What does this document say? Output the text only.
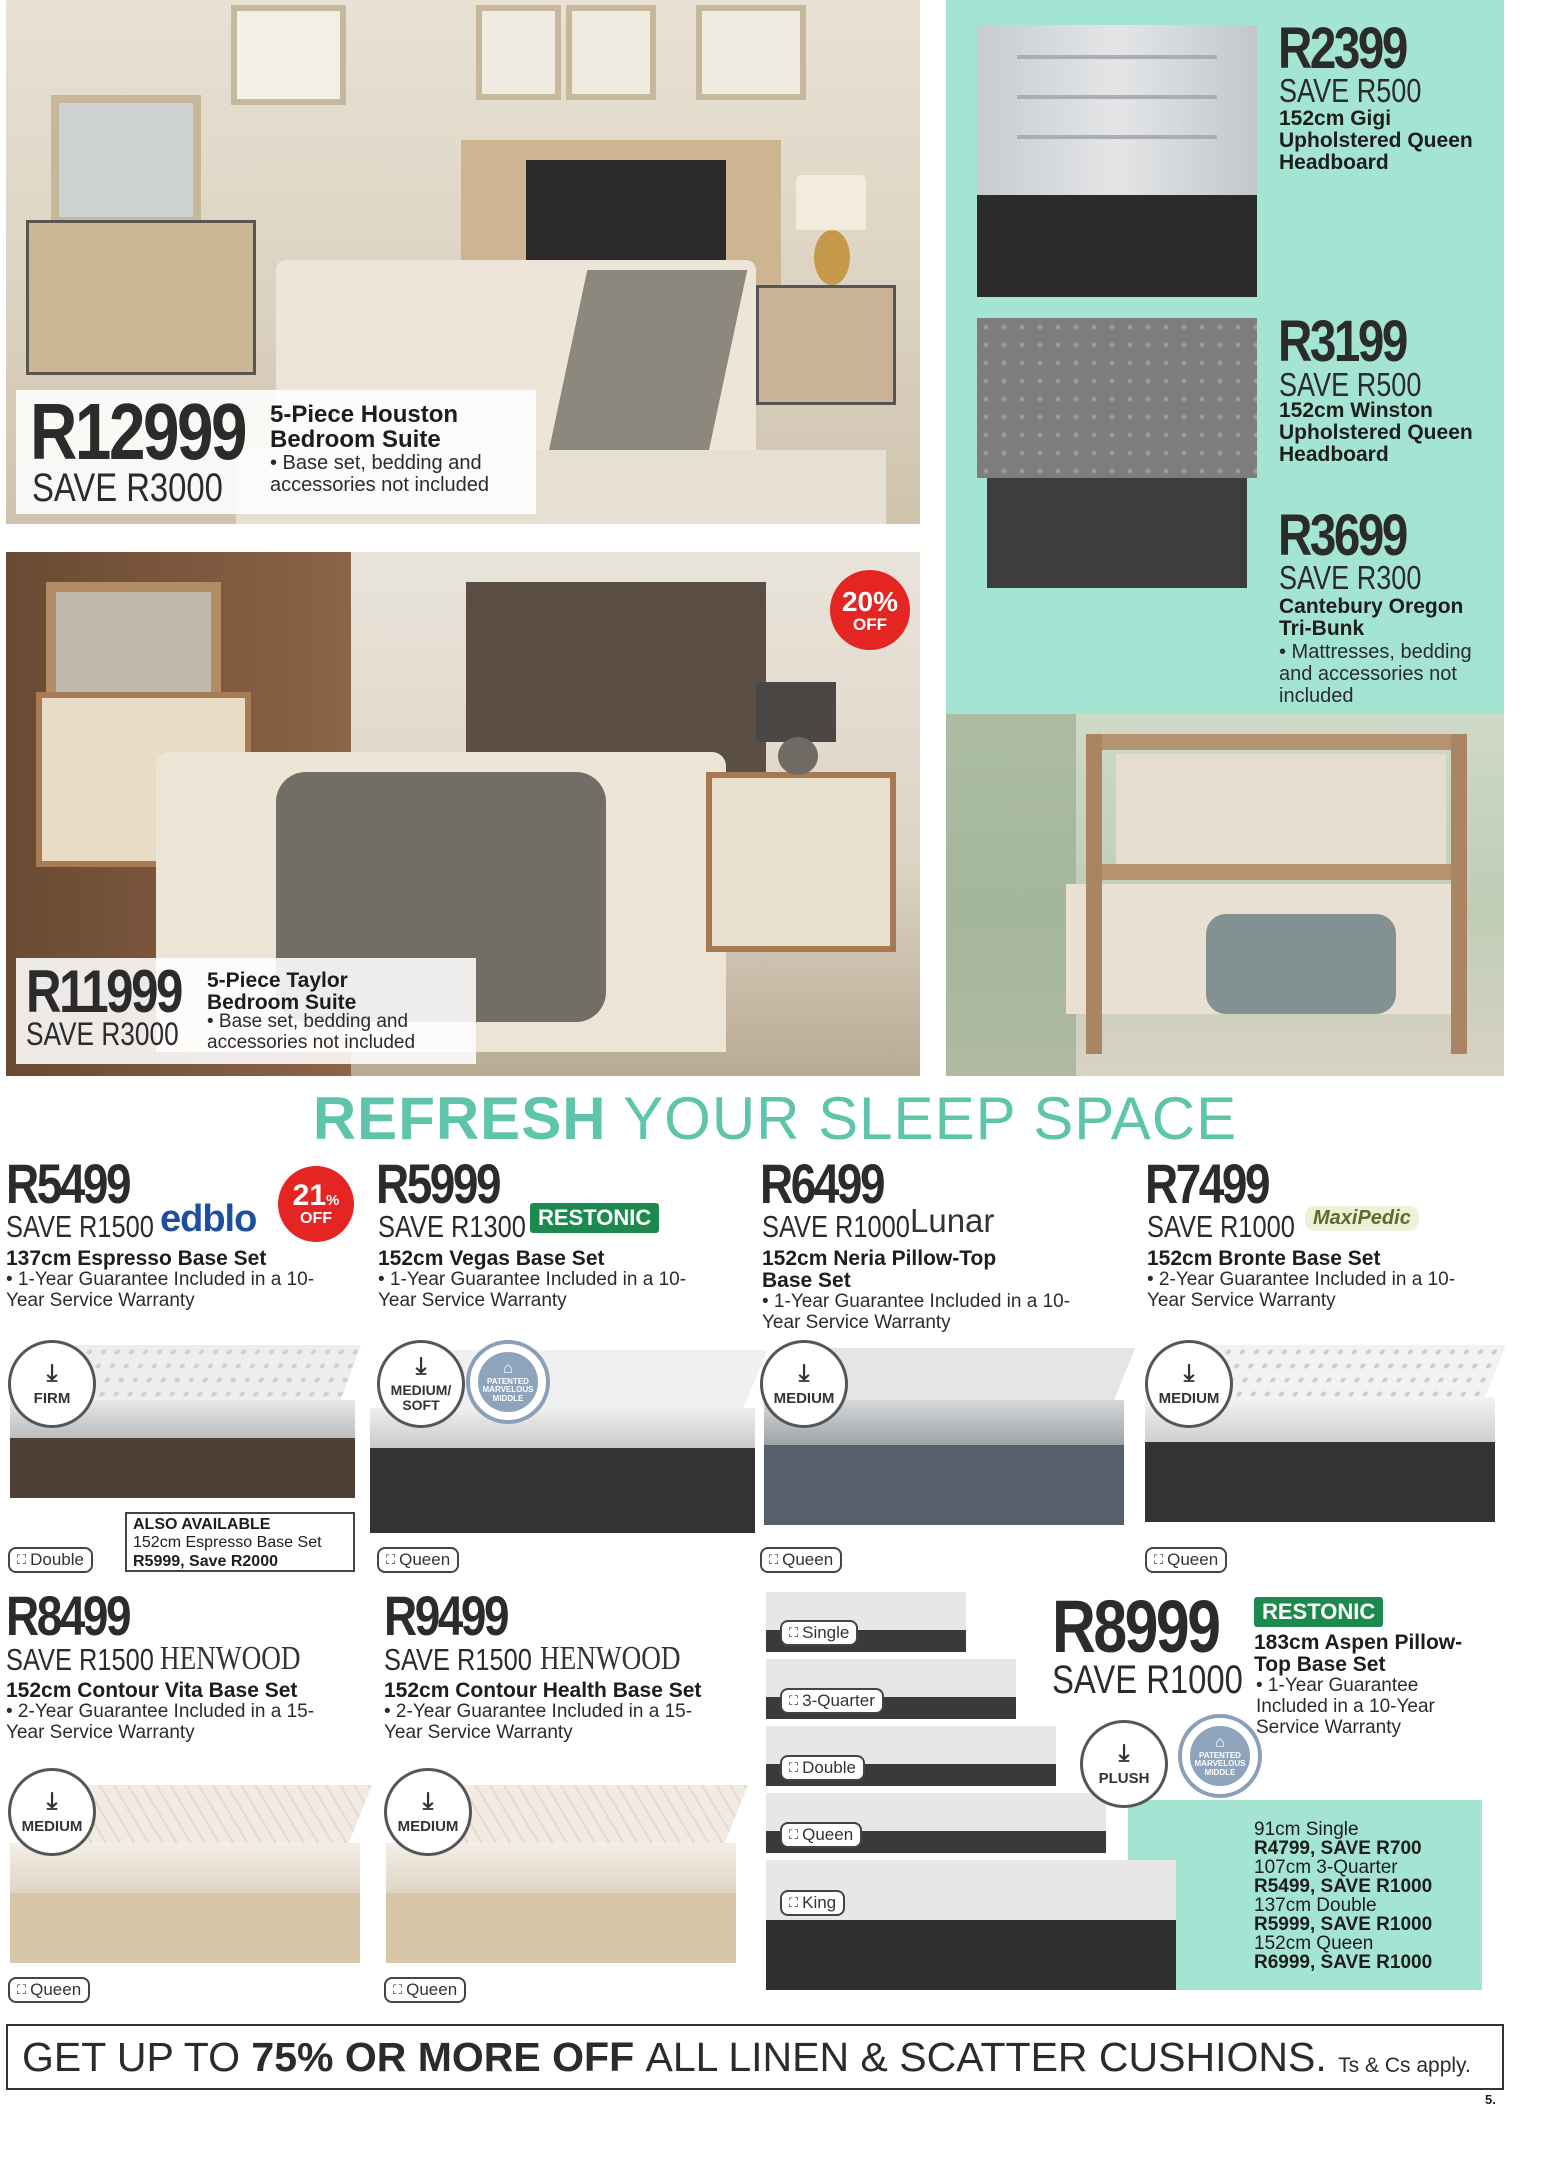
R12999
SAVE R3000
5-Piece Houston Bedroom Suite
• Base set, bedding and accessories not included
20%
OFF
R11999
SAVE R3000
5-Piece Taylor Bedroom Suite
• Base set, bedding and accessories not included
R2399
SAVE R500
152cm Gigi Upholstered Queen Headboard
R3199
SAVE R500
152cm Winston Upholstered Queen Headboard
R3699
SAVE R300
Cantebury Oregon Tri-Bunk
• Mattresses, bedding and accessories not included
REFRESH YOUR SLEEP SPACE
R5499
SAVE R1500 edblo
21%
OFF
137cm Espresso Base Set
• 1-Year Guarantee Included in a 10-Year Service Warranty
⤓
FIRM
⛶ Double
ALSO AVAILABLE
152cm Espresso Base Set
R5999, Save R2000
R5999
SAVE R1300 RESTONIC
152cm Vegas Base Set
• 1-Year Guarantee Included in a 10-Year Service Warranty
⤓
MEDIUM/
SOFT
⌂
PATENTED
MARVELOUS
MIDDLE
⛶ Queen
R6499
SAVE R1000 Lunar
152cm Neria Pillow-Top Base Set
• 1-Year Guarantee Included in a 10-Year Service Warranty
⤓
MEDIUM
⛶ Queen
R7499
SAVE R1000 MaxiPedic
152cm Bronte Base Set
• 2-Year Guarantee Included in a 10-Year Service Warranty
⤓
MEDIUM
⛶ Queen
R8499
SAVE R1500 HENWOOD
152cm Contour Vita Base Set
• 2-Year Guarantee Included in a 15-Year Service Warranty
⤓
MEDIUM
⛶ Queen
R9499
SAVE R1500 HENWOOD
152cm Contour Health Base Set
• 2-Year Guarantee Included in a 15-Year Service Warranty
⤓
MEDIUM
⛶ Queen
⛶ Single
⛶ 3-Quarter
⛶ Double
⛶ Queen
⛶ King
R8999
SAVE R1000
RESTONIC
183cm Aspen Pillow-Top Base Set
• 1-Year Guarantee Included in a 10-Year Service Warranty
⤓
PLUSH
⌂
PATENTED
MARVELOUS
MIDDLE
91cm Single
R4799, SAVE R700
107cm 3-Quarter
R5499, SAVE R1000
137cm Double
R5999, SAVE R1000
152cm Queen
R6999, SAVE R1000
GET UP TO
75% OR MORE OFF
ALL LINEN & SCATTER CUSHIONS.
Ts & Cs apply.
5.
